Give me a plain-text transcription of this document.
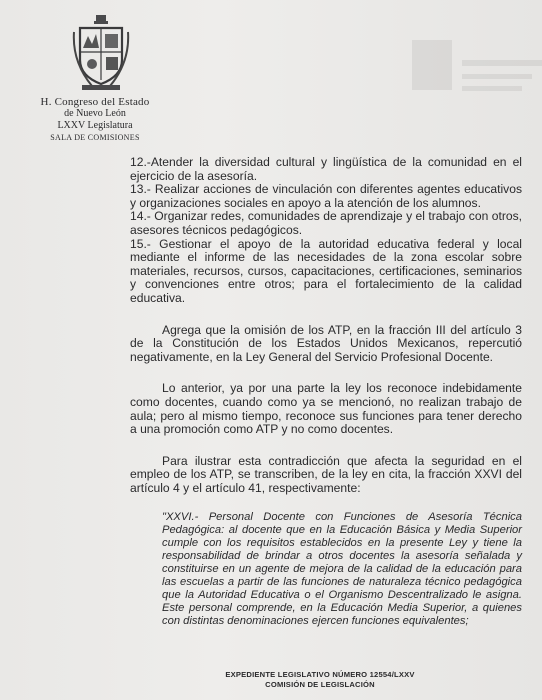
H. Congreso del Estado
de Nuevo León
LXXV Legislatura
SALA DE COMISIONES

12.-Atender la diversidad cultural y lingüística de la comunidad en el ejercicio de la asesoría.

13.- Realizar acciones de vinculación con diferentes agentes educativos y organizaciones sociales en apoyo a la atención de los alumnos.

14.- Organizar redes, comunidades de aprendizaje y el trabajo con otros, asesores técnicos pedagógicos.

15.- Gestionar el apoyo de la autoridad educativa federal y local mediante el informe de las necesidades de la zona escolar sobre materiales, recursos, cursos, capacitaciones, certificaciones, seminarios y convenciones entre otros; para el fortalecimiento de la calidad educativa.

Agrega que la omisión de los ATP, en la fracción III del artículo 3 de la Constitución de los Estados Unidos Mexicanos, repercutió negativamente, en la Ley General del Servicio Profesional Docente.

Lo anterior, ya por una parte la ley los reconoce indebidamente como docentes, cuando como ya se mencionó, no realizan trabajo de aula; pero al mismo tiempo, reconoce sus funciones para tener derecho a una promoción como ATP y no como docentes.

Para ilustrar esta contradicción que afecta la seguridad en el empleo de los ATP, se transcriben, de la ley en cita, la fracción XXVI del artículo 4 y el artículo 41, respectivamente:

"XXVI.- Personal Docente con Funciones de Asesoría Técnica Pedagógica: al docente que en la Educación Básica y Media Superior cumple con los requisitos establecidos en la presente Ley y tiene la responsabilidad de brindar a otros docentes la asesoría señalada y constituirse en un agente de mejora de la calidad de la educación para las escuelas a partir de las funciones de naturaleza técnico pedagógica que la Autoridad Educativa o el Organismo Descentralizado le asigna. Este personal comprende, en la Educación Media Superior, a quienes con distintas denominaciones ejercen funciones equivalentes;

EXPEDIENTE LEGISLATIVO NÚMERO 12554/LXXV
COMISIÓN DE LEGISLACIÓN
